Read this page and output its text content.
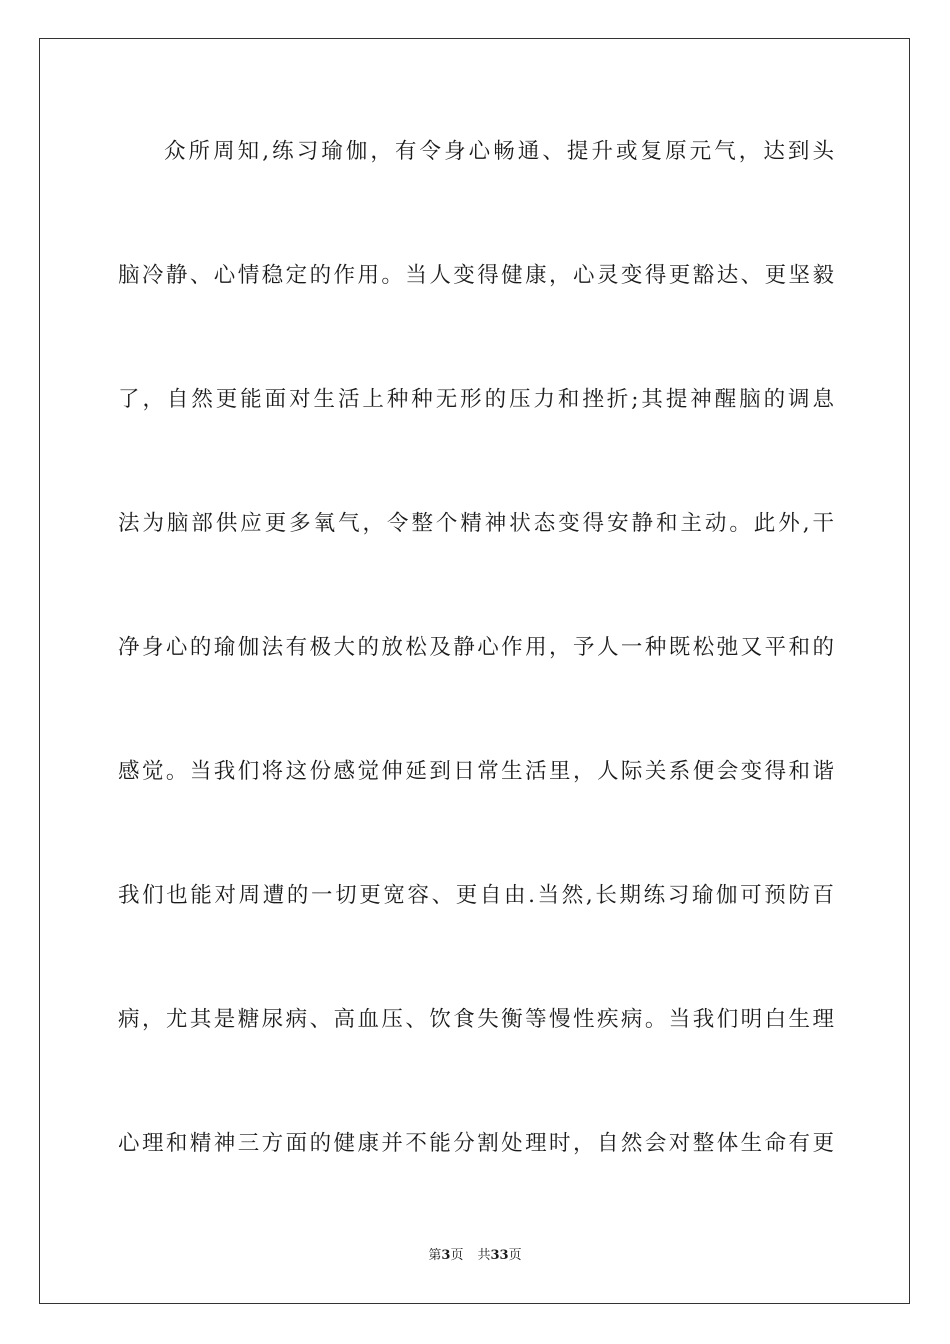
众所周知,练习瑜伽，有令身心畅通、提升或复原元气，达到头
脑冷静、心情稳定的作用。当人变得健康，心灵变得更豁达、更坚毅
了，自然更能面对生活上种种无形的压力和挫折;其提神醒脑的调息
法为脑部供应更多氧气，令整个精神状态变得安静和主动。此外,干
净身心的瑜伽法有极大的放松及静心作用，予人一种既松弛又平和的
感觉。当我们将这份感觉伸延到日常生活里，人际关系便会变得和谐
我们也能对周遭的一切更宽容、更自由.当然,长期练习瑜伽可预防百
病，尤其是糖尿病、高血压、饮食失衡等慢性疾病。当我们明白生理
心理和精神三方面的健康并不能分割处理时，自然会对整体生命有更
第3页 共33页
